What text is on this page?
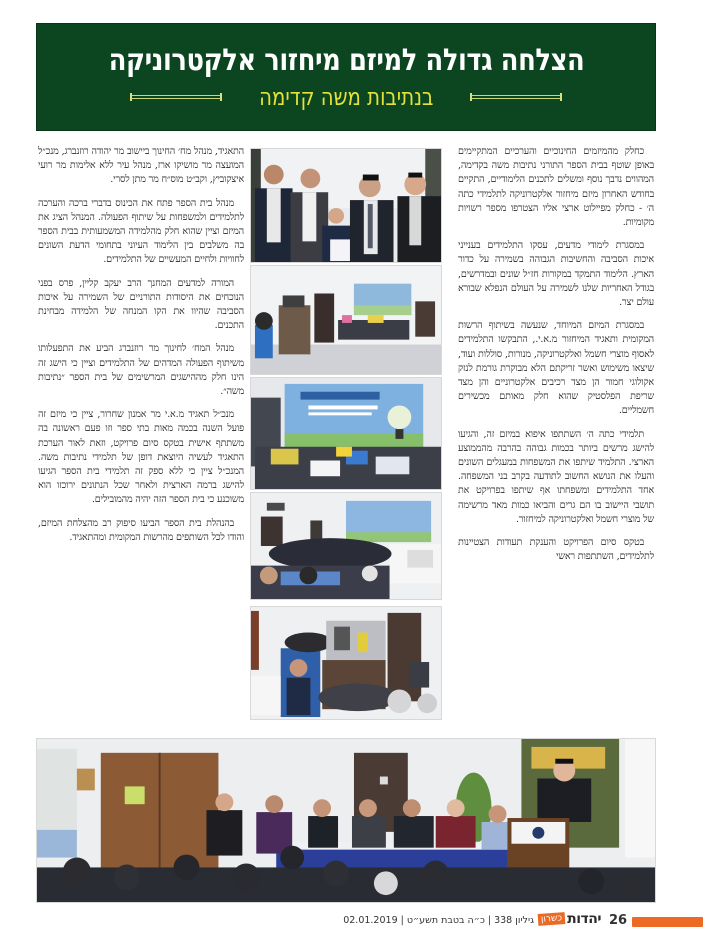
הצלחה גדולה למיזם מיחזור אלקטרוניקה
בנתיבות משה קדימה

כחלק מהמיזמים החינוכיים והערכיים המתקיימים באופן שוטף בבית הספר התורני נתיבות משה בקדימה, המהווים נדבך נוסף ומשלים לתכנים הלימודיים, התקיים בחודש האחרון מיזם מיחזור אלקטרוניקה לתלמידי כתה ה׳ - כחלק מפיילוט ארצי אליו הצטרפו מספר רשויות מקומיות.

במסגרת לימודי מדעים, עסקו התלמידים בענייני איכות הסביבה והחשיבות הגבוהה בשמירה על כדור הארץ. הלימוד התמקד במקורות חז״ל שונים ובמדרשים, בגודל האחריות שלנו לשמירה על העולם הנפלא שבורא עולם יצר.

במסגרת המיזם המיוחד, שנעשה בשיתוף הרשות המקומית ותאגיד המיחזור מ.א.י., התבקשו התלמידים לאסוף מוצרי חשמל ואלקטרוניקה, מנורות, סוללות ועוד, שיצאו משימוש ואשר זריקתם הלא מבוקרת גורמת לנזק אקולוגי חמור הן מצד רכיבים אלקטרוניים והן מצד שריפת הפלסטיק שהוא חלק מאותם מכשירים חשמליים.

תלמידי כתה ה׳ השתתפו איפוא במיזם זה, והגיעו להישג מרשים ביותר בכמות גבוהה בהרבה מהממוצע הארצי. התלמיד שיתפו את המשפחות במעגלים השונים והעלו את הנושא החשוב לתודעה בקרב בני המשפחה. אחד התלמידים ומשפחתו אף שיתפו בפרויקט את תושבי היישוב בו הם גרים והביאו כמות מאד מרשימה של מוצרי חשמל ואלקטרוניקה למיחזור.

בטקס סיום הפרויקט והענקת תעודות הצטיינות לתלמידים, השתתפות ראשי

התאגיד, מנהל מח׳ החינוך ביישוב מר יהודה רוזנברג, מנכ״ל המועצה מר מושיקו ארז, מנהל עיר ללא אלימות מר רועי איצקוביץ, וקב״ט מוס״ח מר מתן לסרי.

מנהל בית הספר פתח את הכינוס בדברי ברכה והערכה לתלמידים ולמשפחות על שיתוף הפעולה. המנהל הציג את המיזם וציין שהוא חלק מהלמידה המשמעותית בבית הספר בה משלבים בין הלימוד העיוני בתחומי הדעת השונים לחוויות ולחיים המעשיים של התלמידים.

המורה למדעים המחנך הרב יעקב קליין, פרס בפני הנוכחים את היסודות התורניים של השמירה על איכות הסביבה שהיוו את הקו המנחה של הלמידה מבחינת התכנים.

מנהל המח׳ לחינוך מר רוזנברג הביע את התפעלותו משיתוף הפעולה המדהים של התלמידים וציין כי הישג זה הינו חלק מההישגים המרשימים של בית הספר ״נתיבות משה״.

מנכ״ל תאגיד מ.א.י מר אמנון שחרור, ציין כי מיזם זה פועל השנה בכמה מאות בתי ספר וזו פעם ראשונה בה משתתף אישית בטקס סיום פרויקט, וזאת לאור הערכת התאגיד לעשיה היוצאת דופן של תלמידי נתיבות משה. המנכ״ל ציין כי ללא ספק זה תלמידי בית הספר הגיעו להישג ברמה הארצית ולאחר שכל הנתונים ירוכזו הוא משוכנע כי בית הספר הזה יהיה מהמובילים.

בהנהלת בית הספר הביעו סיפוק רב מהצלחת המיזם, והודו לכל השותפים מהרשות המקומית ומהתאגיד.

גיליון 338 | כ״ה בטבת תשע״ט | 02.01.2019 יהדות
כשרון	26
